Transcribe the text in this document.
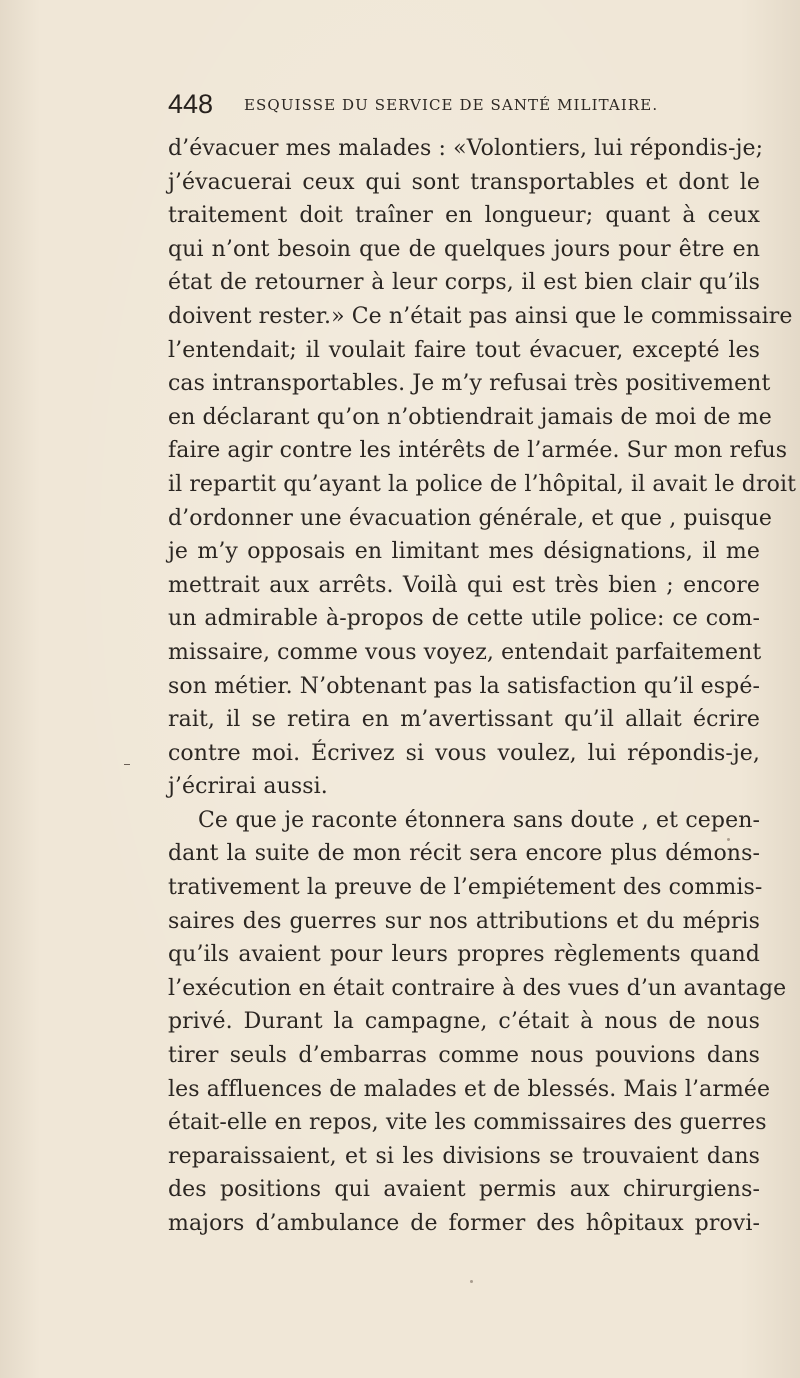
448 ESQUISSE DU SERVICE DE SANTÉ MILITAIRE.
d’évacuer mes malades : «Volontiers, lui répondis-je;
j’évacuerai ceux qui sont transportables et dont le
traitement doit traîner en longueur; quant à ceux
qui n’ont besoin que de quelques jours pour être en
état de retourner à leur corps, il est bien clair qu’ils
doivent rester.» Ce n’était pas ainsi que le commissaire
l’entendait; il voulait faire tout évacuer, excepté les
cas intransportables. Je m’y refusai très positivement
en déclarant qu’on n’obtiendrait jamais de moi de me
faire agir contre les intérêts de l’armée. Sur mon refus
il repartit qu’ayant la police de l’hôpital, il avait le droit
d’ordonner une évacuation générale, et que , puisque
je m’y opposais en limitant mes désignations, il me
mettrait aux arrêts. Voilà qui est très bien ; encore
un admirable à-propos de cette utile police: ce com-
missaire, comme vous voyez, entendait parfaitement
son métier. N’obtenant pas la satisfaction qu’il espé-
rait, il se retira en m’avertissant qu’il allait écrire
contre moi. Écrivez si vous voulez, lui répondis-je,
j’écrirai aussi.
Ce que je raconte étonnera sans doute , et cepen-
dant la suite de mon récit sera encore plus démons-
trativement la preuve de l’empiétement des commis-
saires des guerres sur nos attributions et du mépris
qu’ils avaient pour leurs propres règlements quand
l’exécution en était contraire à des vues d’un avantage
privé. Durant la campagne, c’était à nous de nous
tirer seuls d’embarras comme nous pouvions dans
les affluences de malades et de blessés. Mais l’armée
était-elle en repos, vite les commissaires des guerres
reparaissaient, et si les divisions se trouvaient dans
des positions qui avaient permis aux chirurgiens-
majors d’ambulance de former des hôpitaux provi-
